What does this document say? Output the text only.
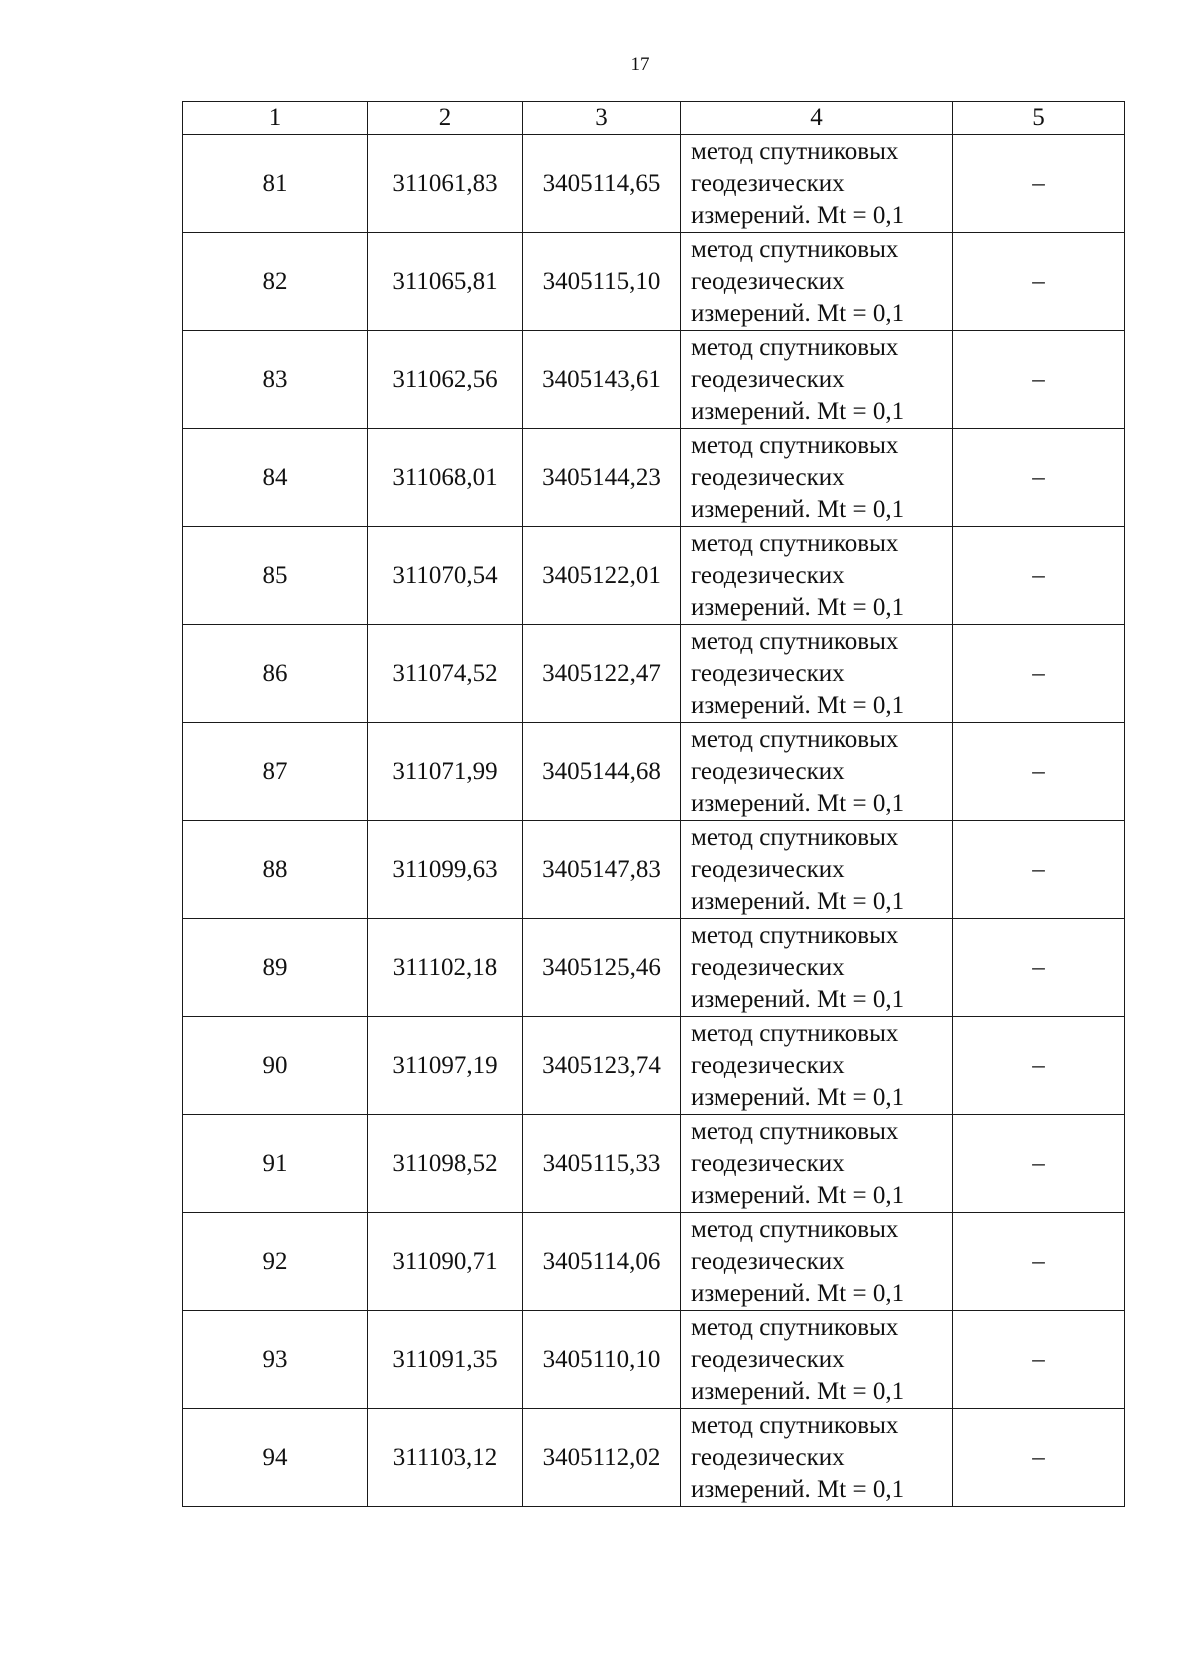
17
1	2	3	4	5
81	311061,83	3405114,65	метод спутниковых
геодезических
измерений. Mt = 0,1	–
82	311065,81	3405115,10	метод спутниковых
геодезических
измерений. Mt = 0,1	–
83	311062,56	3405143,61	метод спутниковых
геодезических
измерений. Mt = 0,1	–
84	311068,01	3405144,23	метод спутниковых
геодезических
измерений. Mt = 0,1	–
85	311070,54	3405122,01	метод спутниковых
геодезических
измерений. Mt = 0,1	–
86	311074,52	3405122,47	метод спутниковых
геодезических
измерений. Mt = 0,1	–
87	311071,99	3405144,68	метод спутниковых
геодезических
измерений. Mt = 0,1	–
88	311099,63	3405147,83	метод спутниковых
геодезических
измерений. Mt = 0,1	–
89	311102,18	3405125,46	метод спутниковых
геодезических
измерений. Mt = 0,1	–
90	311097,19	3405123,74	метод спутниковых
геодезических
измерений. Mt = 0,1	–
91	311098,52	3405115,33	метод спутниковых
геодезических
измерений. Mt = 0,1	–
92	311090,71	3405114,06	метод спутниковых
геодезических
измерений. Mt = 0,1	–
93	311091,35	3405110,10	метод спутниковых
геодезических
измерений. Mt = 0,1	–
94	311103,12	3405112,02	метод спутниковых
геодезических
измерений. Mt = 0,1	–
